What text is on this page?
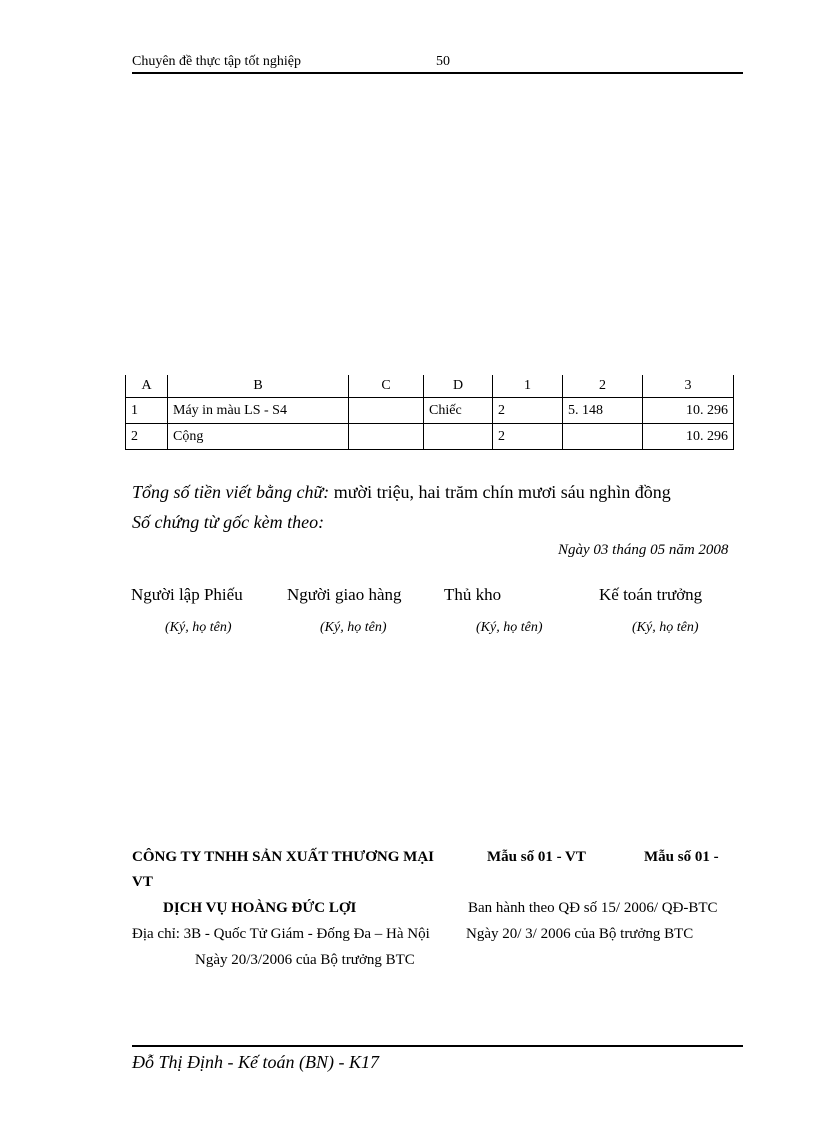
Chuyên đề thực tập tốt nghiệp	50
A	B	C	D	1	2	3
1	Máy in màu LS - S4		Chiếc	2	5. 148	10. 296
2	Cộng			2		10. 296
Tổng số tiền viết bằng chữ: mười triệu, hai trăm chín mươi sáu nghìn đồng
Số chứng từ gốc kèm theo:
Ngày 03 tháng 05 năm 2008
Người lập Phiếu	Người giao hàng Thủ kho	Kế toán trưởng
(Ký, họ tên)	(Ký, họ tên)	(Ký, họ tên)	(Ký, họ tên)
CÔNG TY TNHH SẢN XUẤT THƯƠNG MẠI	Mẫu số 01 - VT	Mẫu số 01 -
VT
DỊCH VỤ HOÀNG ĐỨC LỢI	Ban hành theo QĐ số 15/ 2006/ QĐ-BTC
Địa chỉ: 3B - Quốc Tử Giám - Đống Đa – Hà Nội Ngày 20/ 3/ 2006 của Bộ trưởng BTC
Ngày 20/3/2006 của Bộ trưởng BTC
Đỗ Thị Định - Kế toán (BN) - K17
